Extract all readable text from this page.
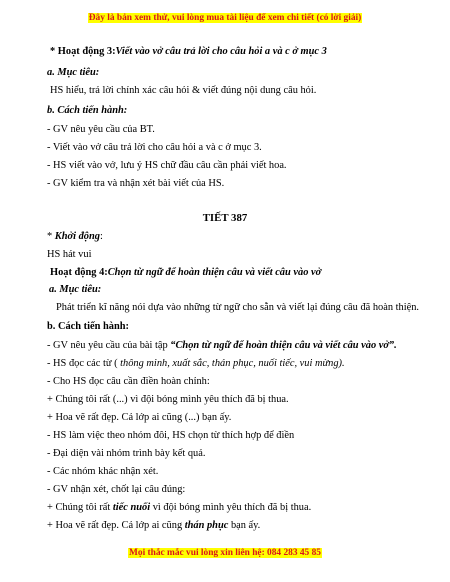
Đây là bản xem thử, vui lòng mua tài liệu để xem chi tiết (có lời giải)
* Hoạt động 3:Viết vào vở câu trả lời cho câu hỏi a và c ở mục 3
a. Mục tiêu:
HS hiểu, trả lời chính xác câu hỏi & viết đúng nội dung câu hỏi.
b. Cách tiến hành:
- GV nêu yêu cầu của BT.
- Viết vào vở câu trả lời cho câu hỏi a và c ở mục 3.
- HS viết vào vở, lưu ý HS chữ đầu câu cần phải viết hoa.
- GV kiểm tra và nhận xét bài viết của HS.
TIẾT 387
* Khởi động:
HS hát vui
Hoạt động 4:Chọn từ ngữ để hoàn thiện câu và viết câu vào vở
a. Mục tiêu:
Phát triển kĩ năng nói dựa vào những từ ngữ cho sẵn và viết lại đúng câu đã hoàn thiện.
b. Cách tiến hành:
- GV nêu yêu cầu của bài tập “Chọn từ ngữ để hoàn thiện câu và viết câu vào vở”.
- HS đọc các từ ( thông minh, xuất sắc, thán phục, nuối tiếc, vui mừng).
- Cho HS đọc câu cần điền hoàn chỉnh:
+ Chúng tôi rất (...) vì đội bóng mình yêu thích đã bị thua.
+ Hoa vẽ rất đẹp. Cả lớp ai cũng (...) bạn ấy.
- HS làm việc theo nhóm đôi, HS chọn từ thích hợp để điền
- Đại diện vài nhóm trình bày kết quả.
- Các nhóm khác nhận xét.
- GV nhận xét, chốt lại câu đúng:
+ Chúng tôi rất tiếc nuối vì đội bóng mình yêu thích đã bị thua.
+ Hoa vẽ rất đẹp. Cả lớp ai cũng thán phục bạn ấy.
Mọi thắc mắc vui lòng xin liên hệ: 084 283 45 85
